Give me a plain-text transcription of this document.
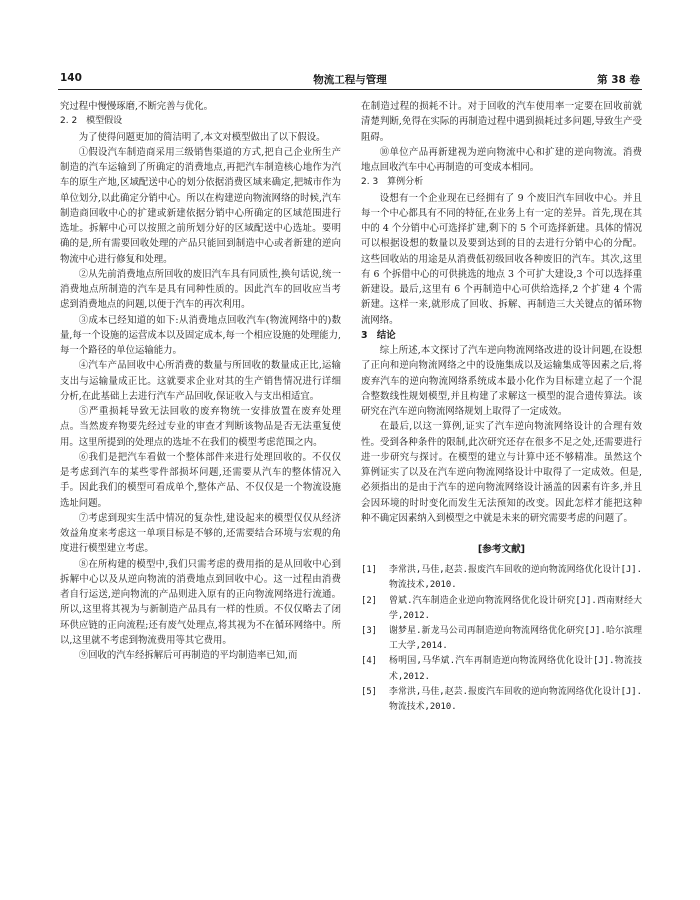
140	物流工程与管理	第 38 卷

究过程中慢慢琢磨,不断完善与优化。

2. 2　模型假设

为了使得问题更加的简洁明了,本文对模型做出了以下假设。

①假设汽车制造商采用三级销售渠道的方式,把自己企业所生产制造的汽车运输到了所确定的消费地点,再把汽车制造核心地作为汽车的原生产地,区域配送中心的划分依据消费区域来确定,把城市作为单位划分,以此确定分销中心。所以在构建逆向物流网络的时候,汽车制造商回收中心的扩建或新建依据分销中心所确定的区域范围进行选址。拆解中心可以按照之前所划分好的区域配送中心选址。要明确的是,所有需要回收处理的产品只能回到制造中心或者新建的逆向物流中心进行修复和处理。

②从先前消费地点所回收的废旧汽车具有同质性,换句话说,统一消费地点所制造的汽车是具有同种性质的。因此汽车的回收应当考虑到消费地点的问题,以便于汽车的再次利用。

③成本已经知道的如下:从消费地点回收汽车(物流网络中的)数量,每一个设施的运营成本以及固定成本,每一个相应设施的处理能力,每一个路径的单位运输能力。

④汽车产品回收中心所消费的数量与所回收的数量成正比,运输支出与运输量成正比。这就要求企业对其的生产销售情况进行详细分析,在此基础上去进行汽车产品回收,保证收入与支出相适宜。

⑤严重损耗导致无法回收的废弃物统一安排放置在废弃处理点。当然废弃物要先经过专业的审查才判断该物品是否无法重复使用。这里所提到的处理点的选址不在我们的模型考虑范围之内。

⑥我们是把汽车看做一个整体部件来进行处理回收的。不仅仅是考虑到汽车的某些零件部损坏问题,还需要从汽车的整体情况入手。因此我们的模型可看成单个,整体产品、不仅仅是一个物流设施选址问题。

⑦考虑到现实生活中情况的复杂性,建设起来的模型仅仅从经济效益角度来考虑这一单项目标是不够的,还需要结合环境与宏观的角度进行模型建立考虑。

⑧在所构建的模型中,我们只需考虑的费用指的是从回收中心到拆解中心以及从逆向物流的消费地点到回收中心。这一过程由消费者自行运送,逆向物流的产品则进入原有的正向物流网络进行流通。所以,这里将其视为与新制造产品具有一样的性质。不仅仅略去了闭环供应链的正向流程;还有废气处理点,将其视为不在循环网络中。所以,这里就不考虑到物流费用等其它费用。

⑨回收的汽车经拆解后可再制造的平均制造率已知,而

在制造过程的损耗不计。对于回收的汽车使用率一定要在回收前就清楚判断,免得在实际的再制造过程中遇到损耗过多问题,导致生产受阻碍。

⑩单位产品再新建视为逆向物流中心和扩建的逆向物流。消费地点回收汽车中心再制造的可变成本相同。

2. 3　算例分析

设想有一个企业现在已经拥有了 9 个废旧汽车回收中心。并且每一个中心都具有不同的特征,在业务上有一定的差异。首先,现在其中的 4 个分销中心可选择扩建,剩下的 5 个可选择新建。具体的情况可以根据设想的数量以及要到达到的目的去进行分销中心的分配。这些回收站的用途是从消费低初级回收各种废旧的汽车。其次,这里有 6 个拆借中心的可供挑选的地点 3 个可扩大建设,3 个可以选择重新建设。最后,这里有 6 个再制造中心可供给选择,2 个扩建 4 个需新建。这样一来,就形成了回收、拆解、再制造三大关键点的循环物流网络。

3　结论

综上所述,本文探讨了汽车逆向物流网络改进的设计问题,在设想了正向和逆向物流网络之中的设施集成以及运输集成等因素之后,将废弃汽车的逆向物流网络系统成本最小化作为目标建立起了一个混合整数线性规划模型,并且构建了求解这一模型的混合遗传算法。该研究在汽车逆向物流网络规划上取得了一定成效。

在最后,以这一算例,证实了汽车逆向物流网络设计的合理有效性。受到各种条件的限制,此次研究还存在很多不足之处,还需要进行进一步研究与探讨。在模型的建立与计算中还不够精准。虽然这个算例证实了以及在汽车逆向物流网络设计中取得了一定成效。但是,必须指出的是由于汽车的逆向物流网络设计涵盖的因素有许多,并且会因环境的时时变化而发生无法预知的改变。因此怎样才能把这种种不确定因素纳入到模型之中就是未来的研究需要考虑的问题了。

[参考文献]
[1]	李常洪,马佳,赵芸.报废汽车回收的逆向物流网络优化设计[J].物流技术,2010.
[2]	曾斌.汽车制造企业逆向物流网络优化设计研究[J].西南财经大学,2012.
[3]	谢梦星.新龙马公司再制造逆向物流网络优化研究[J].哈尔滨理工大学,2014.
[4]	杨明国,马华斌.汽车再制造逆向物流网络优化设计[J].物流技术,2012.
[5]	李常洪,马佳,赵芸.报废汽车回收的逆向物流网络优化设计[J].物流技术,2010.
